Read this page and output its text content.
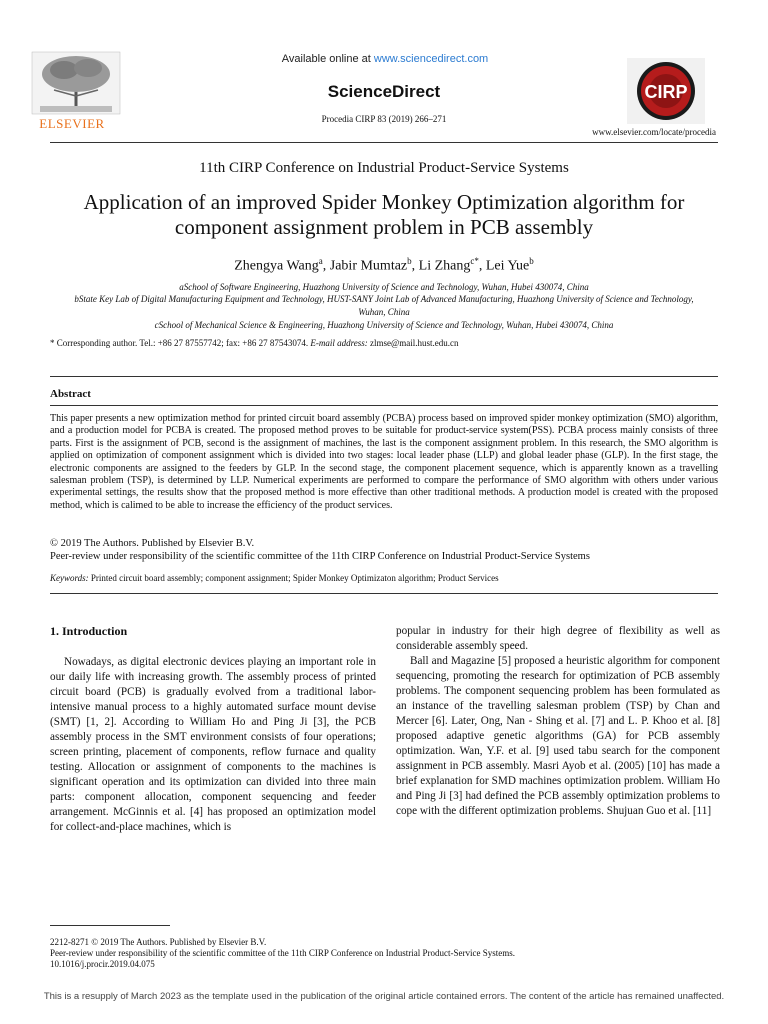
ELSEVIER
Available online at www.sciencedirect.com
ScienceDirect
Procedia CIRP 83 (2019) 266–271
CIRP
www.elsevier.com/locate/procedia
11th CIRP Conference on Industrial Product-Service Systems
Application of an improved Spider Monkey Optimization algorithm for
component assignment problem in PCB assembly
Zhengya Wang$^a$, Jabir Mumtaz$^b$, Li Zhang$^{c*}$, Lei Yue$^b$
aSchool of Software Engineering, Huazhong University of Science and Technology, Wuhan, Hubei 430074, China
bState Key Lab of Digital Manufacturing Equipment and Technology, HUST-SANY Joint Lab of Advanced Manufacturing, Huazhong University of Science and Technology, Wuhan, China
cSchool of Mechanical Science & Engineering, Huazhong University of Science and Technology, Wuhan, Hubei 430074, China
* Corresponding author. Tel.: +86 27 87557742; fax: +86 27 87543074. E-mail address: zlmse@mail.hust.edu.cn
Abstract
This paper presents a new optimization method for printed circuit board assembly (PCBA) process based on improved spider monkey optimization (SMO) algorithm, and a production model for PCBA is created. The proposed method proves to be suitable for product-service system(PSS). PCBA process mainly consists of three parts. First is the assignment of PCB, second is the assignment of machines, the last is the component assignment problem. In this research, the SMO algorithm is applied on optimization of component assignment which is divided into two stages: local leader phase (LLP) and global leader phase (GLP). In the first stage, the electronic components are assigned to the feeders by GLP. In the second stage, the component placement sequence, which is apparently known as a travelling salesman problem (TSP), is determined by LLP. Numerical experiments are performed to compare the performance of SMO algorithm with others under various experimental settings, the results show that the proposed method is more effective than other traditional methods. A production model is created with the proposed method, which is calimed to be able to increase the efficiency of the product services.
© 2019 The Authors. Published by Elsevier B.V.
Peer-review under responsibility of the scientific committee of the 11th CIRP Conference on Industrial Product-Service Systems
Keywords: Printed circuit board assembly; component assignment; Spider Monkey Optimizaton algorithm; Product Services
1. Introduction

Nowadays, as digital electronic devices playing an important role in our daily life with increasing growth. The assembly process of printed circuit board (PCB) is gradually evolved from a traditional labor-intensive manual process to a highly automated surface mount devise (SMT) [1, 2]. According to William Ho and Ping Ji [3], the PCB assembly process in the SMT environment consists of four operations; screen printing, placement of components, reflow furnace and quality testing. Allocation or assignment of components to the machines is significant operation and its optimization can divided into three main parts: component allocation, component sequencing and feeder arrangement. McGinnis et al. [4] has proposed an optimization model for collect-and-place machines, which is

popular in industry for their high degree of flexibility as well as considerable assembly speed.

Ball and Magazine [5] proposed a heuristic algorithm for component sequencing, promoting the research for optimization of PCB assembly problems. The component sequencing problem has been formulated as an instance of the travelling salesman problem (TSP) by Chan and Mercer [6]. Later, Ong, Nan - Shing et al. [7] and L. P. Khoo et al. [8] proposed adaptive genetic algorithms (GA) for PCB assembly optimization. Wan, Y.F. et al. [9] used tabu search for the component assignment in PCB assembly. Masri Ayob et al. (2005) [10] has made a brief explanation for SMD machines optimization problem. William Ho and Ping Ji [3] had defined the PCB assembly optimization problems to cope with the different optimization problems. Shujuan Guo et al. [11]

2212-8271 © 2019 The Authors. Published by Elsevier B.V.
Peer-review under responsibility of the scientific committee of the 11th CIRP Conference on Industrial Product-Service Systems.
10.1016/j.procir.2019.04.075
This is a resupply of March 2023 as the template used in the publication of the original article contained errors. The content of the article has remained unaffected.
